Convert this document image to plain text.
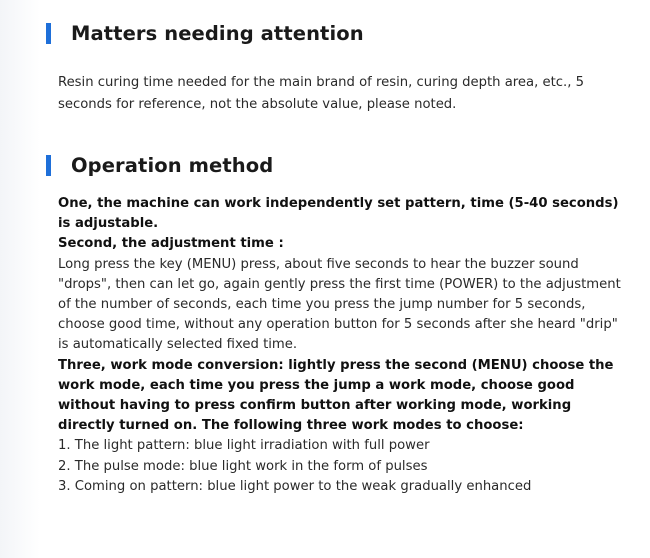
Matters needing attention
Resin curing time needed for the main brand of resin, curing depth area, etc., 5 seconds for reference, not the absolute value, please noted.
Operation method

One, the machine can work independently set pattern, time (5-40 seconds) is adjustable.

Second, the adjustment time :

Long press the key (MENU) press, about five seconds to hear the buzzer sound "drops", then can let go, again gently press the first time (POWER) to the adjustment of the number of seconds, each time you press the jump number for 5 seconds, choose good time, without any operation button for 5 seconds after she heard "drip" is automatically selected fixed time.

Three, work mode conversion: lightly press the second (MENU) choose the work mode, each time you press the jump a work mode, choose good without having to press confirm button after working mode, working directly turned on. The following three work modes to choose:

1. The light pattern: blue light irradiation with full power

2. The pulse mode: blue light work in the form of pulses

3. Coming on pattern: blue light power to the weak gradually enhanced
